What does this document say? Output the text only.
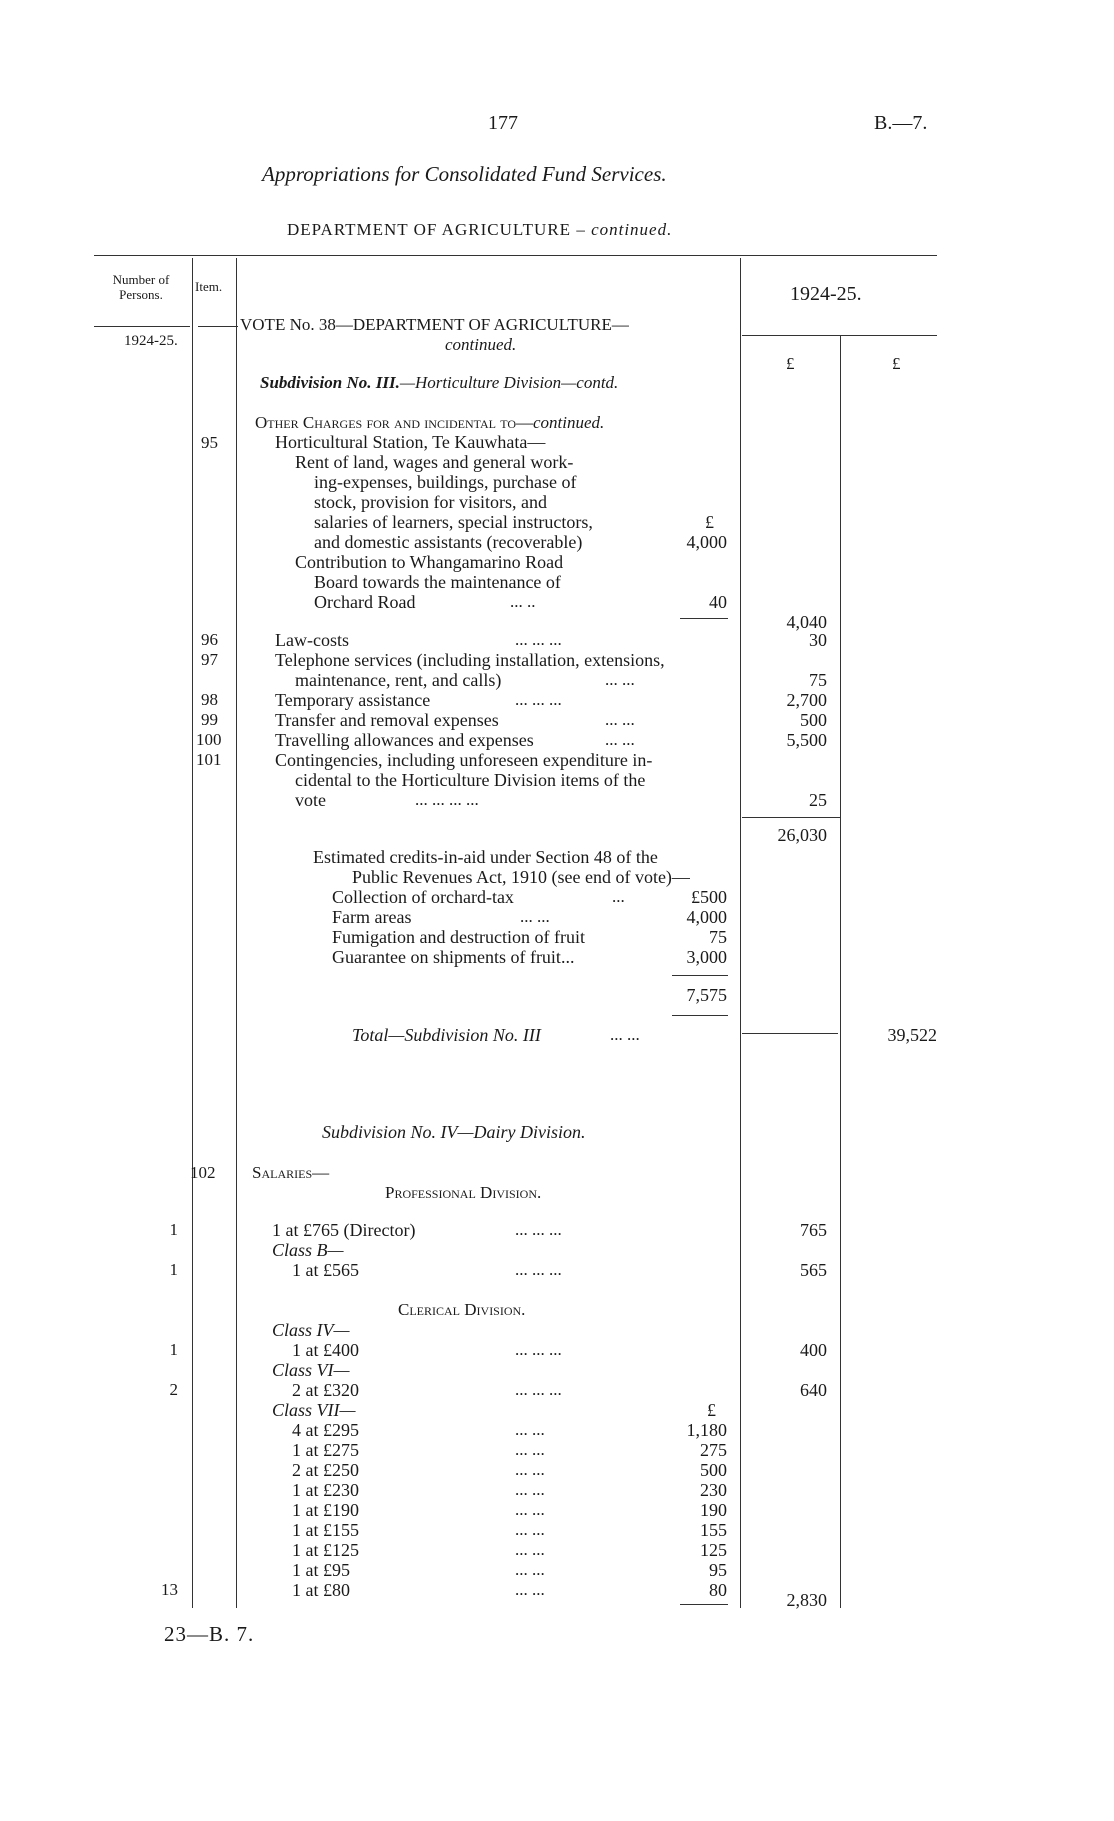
177	B.—7.
Appropriations for Consolidated Fund Services.
DEPARTMENT OF AGRICULTURE – continued.
Number of Persons.
Item.	1924-25.
1924-25.
£	£
VOTE No. 38—DEPARTMENT OF AGRICULTURE—
continued.
Subdivision No. III.—Horticulture Division—contd.
Other Charges for and incidental to—continued.
95	Horticultural Station, Te Kauwhata—
Rent of land, wages and general work-
ing-expenses, buildings, purchase of
stock, provision for visitors, and
salaries of learners, special instructors,	£
and domestic assistants (recoverable)	4,000
Contribution to Whangamarino Road
Board towards the maintenance of
Orchard Road	... ..	40
4,040
96	Law-costs	... ... ...	30
97	Telephone services (including installation, extensions,
maintenance, rent, and calls)	... ...	75
98	Temporary assistance	... ... ...	2,700
99	Transfer and removal expenses	... ...	500
100	Travelling allowances and expenses	... ...	5,500
101	Contingencies, including unforeseen expenditure in-
cidental to the Horticulture Division items of the
vote	... ... ... ...	25
26,030
Estimated credits-in-aid under Section 48 of the
Public Revenues Act, 1910 (see end of vote)—
Collection of orchard-tax	...	£500
Farm areas	... ...	4,000
Fumigation and destruction of fruit	75
Guarantee on shipments of fruit...	3,000
7,575
Total—Subdivision No. III	... ...	39,522
Subdivision No. IV—Dairy Division.
102 Salaries—
Professional Division.
1	1 at £765 (Director)	... ... ...	765
Class B—
1	1 at £565	... ... ...	565
Clerical Division.
Class IV—
1	1 at £400	... ... ...	400
Class VI—
2	2 at £320	... ... ...	640
Class VII—	£
4 at £295	... ...	1,180
1 at £275	... ...	275
2 at £250	... ...	500
1 at £230	... ...	230
1 at £190	... ...	190
1 at £155	... ...	155
1 at £125	... ...	125
1 at £95	... ...	95
13	1 at £80	... ...	80	2,830
23—B. 7.
